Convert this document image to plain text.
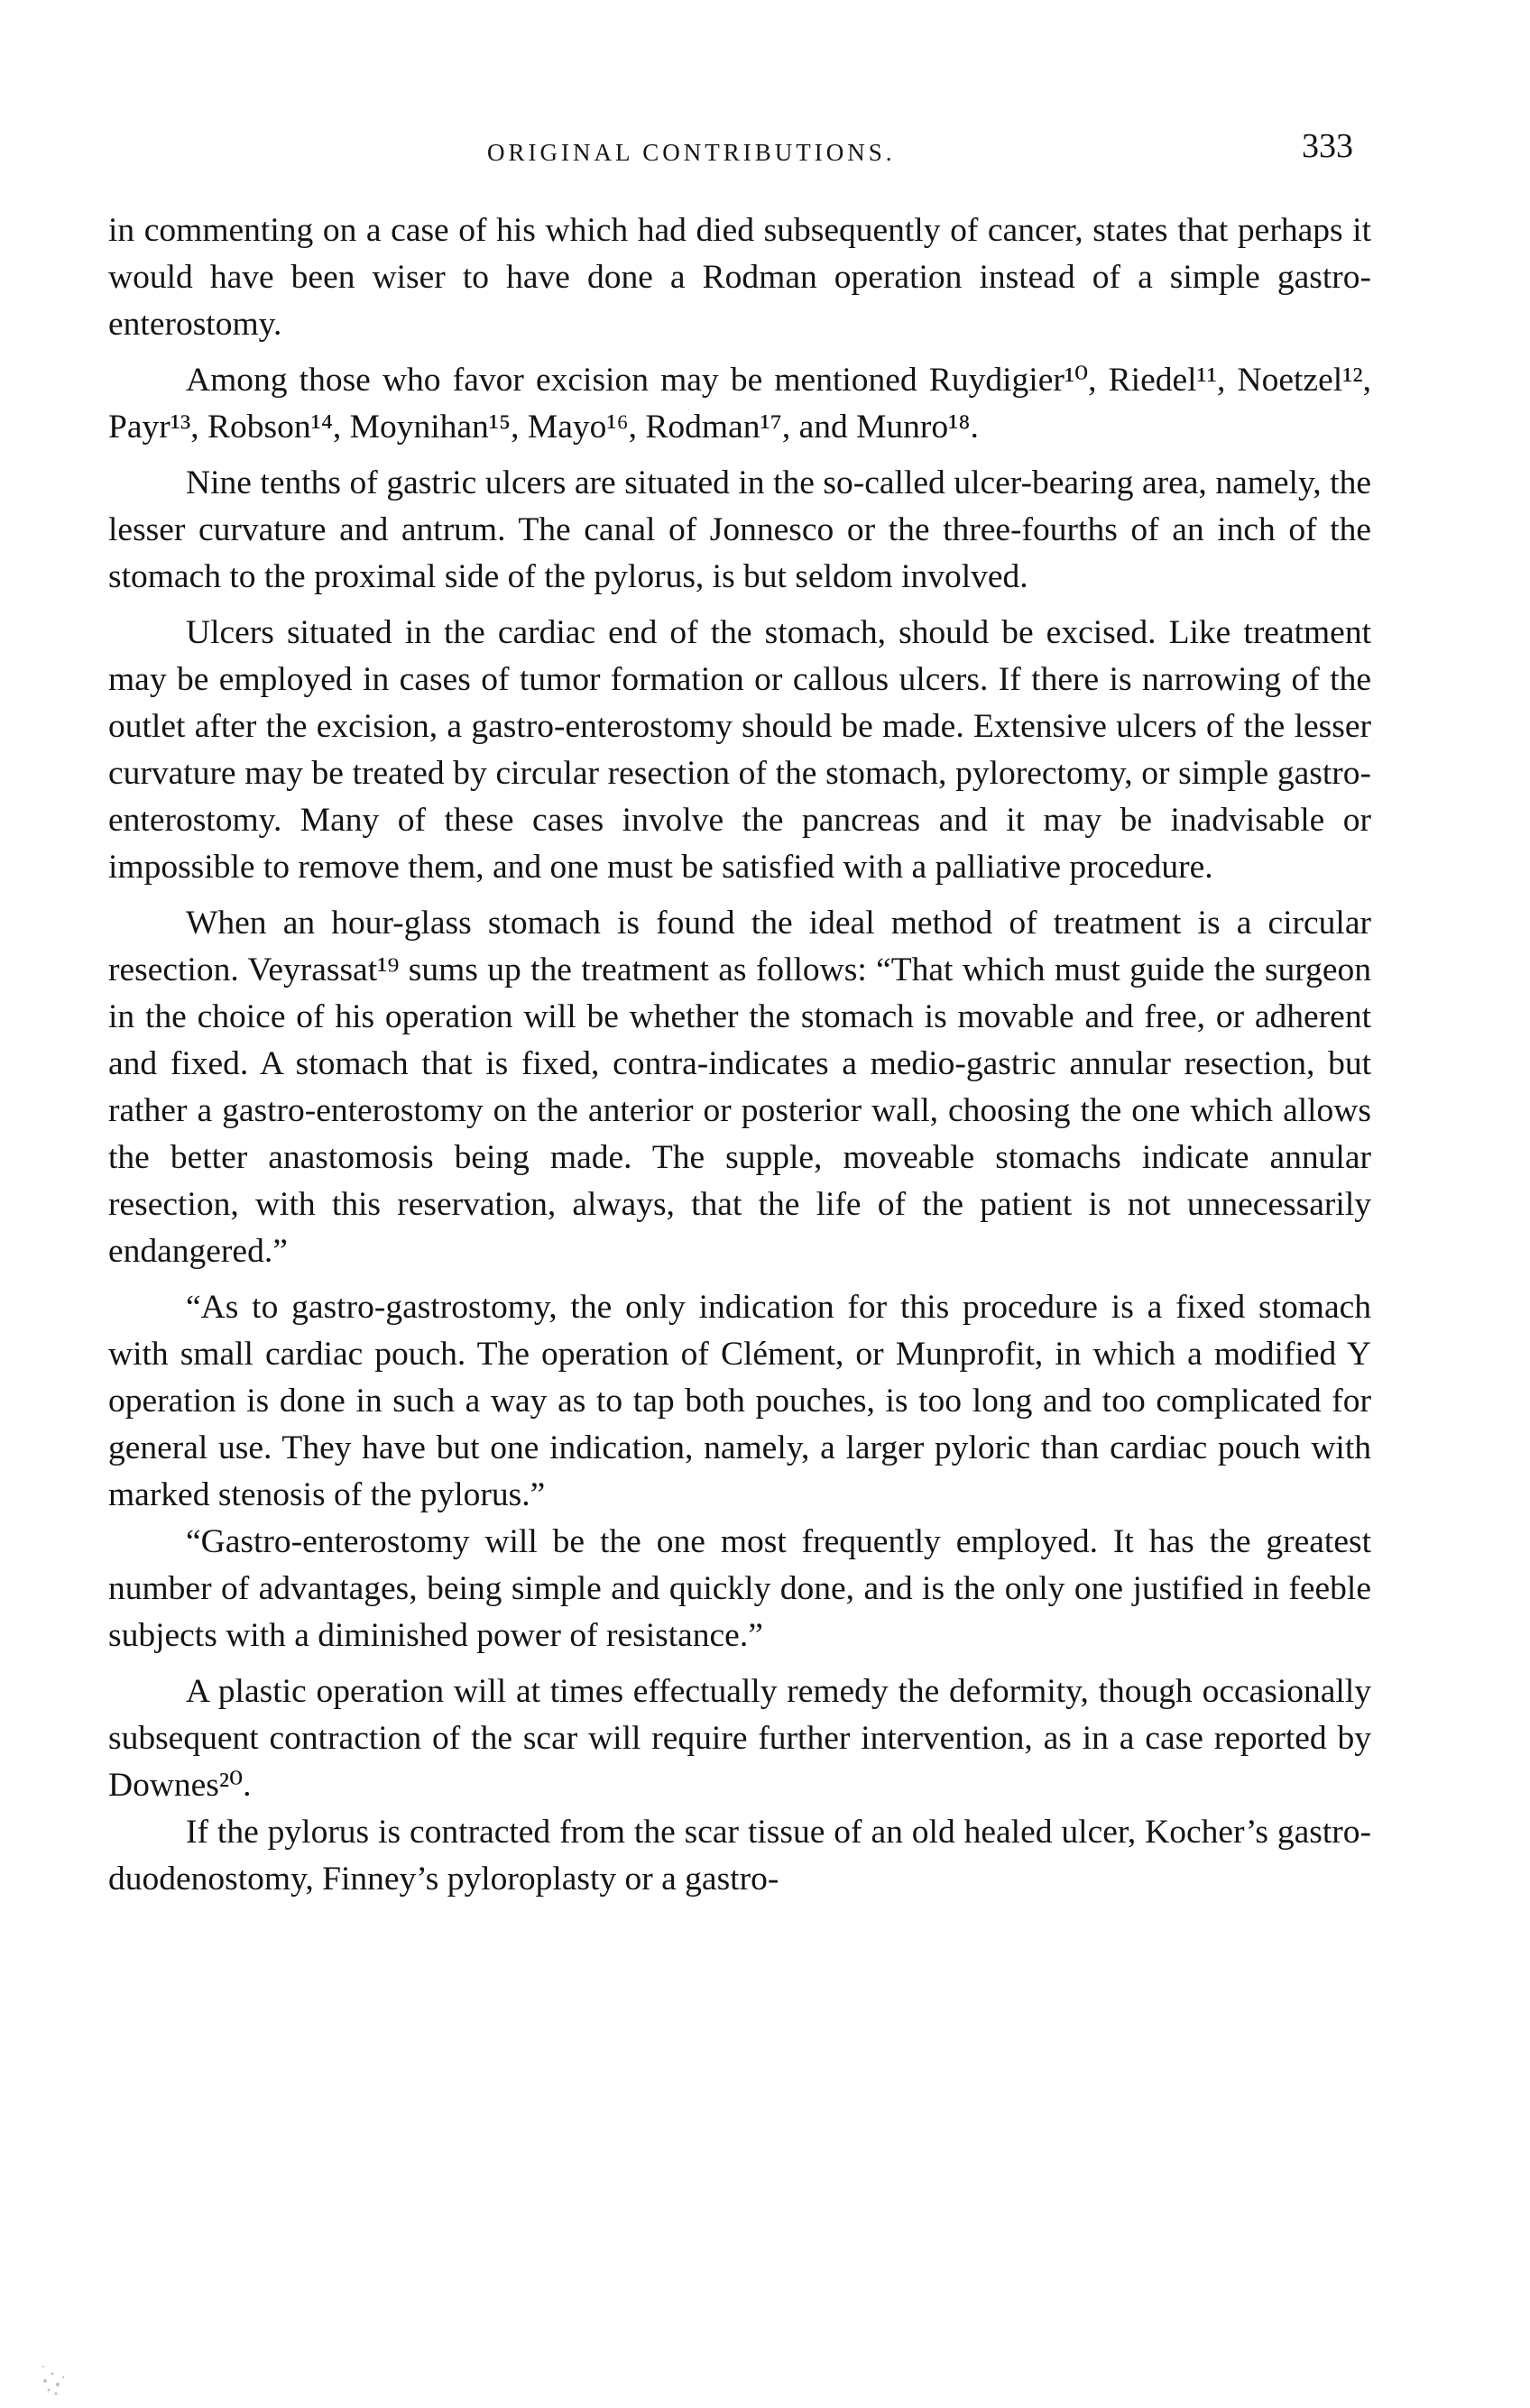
ORIGINAL CONTRIBUTIONS.	333

in commenting on a case of his which had died subsequently of cancer, states that perhaps it would have been wiser to have done a Rodman operation instead of a simple gastro-enterostomy.

Among those who favor excision may be mentioned Ruydigier¹⁰, Riedel¹¹, Noetzel¹², Payr¹³, Robson¹⁴, Moynihan¹⁵, Mayo¹⁶, Rodman¹⁷, and Munro¹⁸.

Nine tenths of gastric ulcers are situated in the so-called ulcer-bearing area, namely, the lesser curvature and antrum. The canal of Jonnesco or the three-fourths of an inch of the stomach to the proximal side of the pylorus, is but seldom involved.

Ulcers situated in the cardiac end of the stomach, should be excised. Like treatment may be employed in cases of tumor formation or callous ulcers. If there is narrowing of the outlet after the excision, a gastro-enterostomy should be made. Extensive ulcers of the lesser curvature may be treated by circular resection of the stomach, pylorectomy, or simple gastro-enterostomy. Many of these cases involve the pancreas and it may be inadvisable or impossible to remove them, and one must be satisfied with a palliative procedure.

When an hour-glass stomach is found the ideal method of treatment is a circular resection. Veyrassat¹⁹ sums up the treatment as follows: “That which must guide the surgeon in the choice of his operation will be whether the stomach is movable and free, or adherent and fixed. A stomach that is fixed, contra-indicates a medio-gastric annular resection, but rather a gastro-enterostomy on the anterior or posterior wall, choosing the one which allows the better anastomosis being made. The supple, moveable stomachs indicate annular resection, with this reservation, always, that the life of the patient is not unnecessarily endangered.”

“As to gastro-gastrostomy, the only indication for this procedure is a fixed stomach with small cardiac pouch. The operation of Clément, or Munprofit, in which a modified Y operation is done in such a way as to tap both pouches, is too long and too complicated for general use. They have but one indication, namely, a larger pyloric than cardiac pouch with marked stenosis of the pylorus.”

“Gastro-enterostomy will be the one most frequently employed. It has the greatest number of advantages, being simple and quickly done, and is the only one justified in feeble subjects with a diminished power of resistance.”

A plastic operation will at times effectually remedy the deformity, though occasionally subsequent contraction of the scar will require further intervention, as in a case reported by Downes²⁰.

If the pylorus is contracted from the scar tissue of an old healed ulcer, Kocher’s gastro-duodenostomy, Finney’s pyloroplasty or a gastro-
